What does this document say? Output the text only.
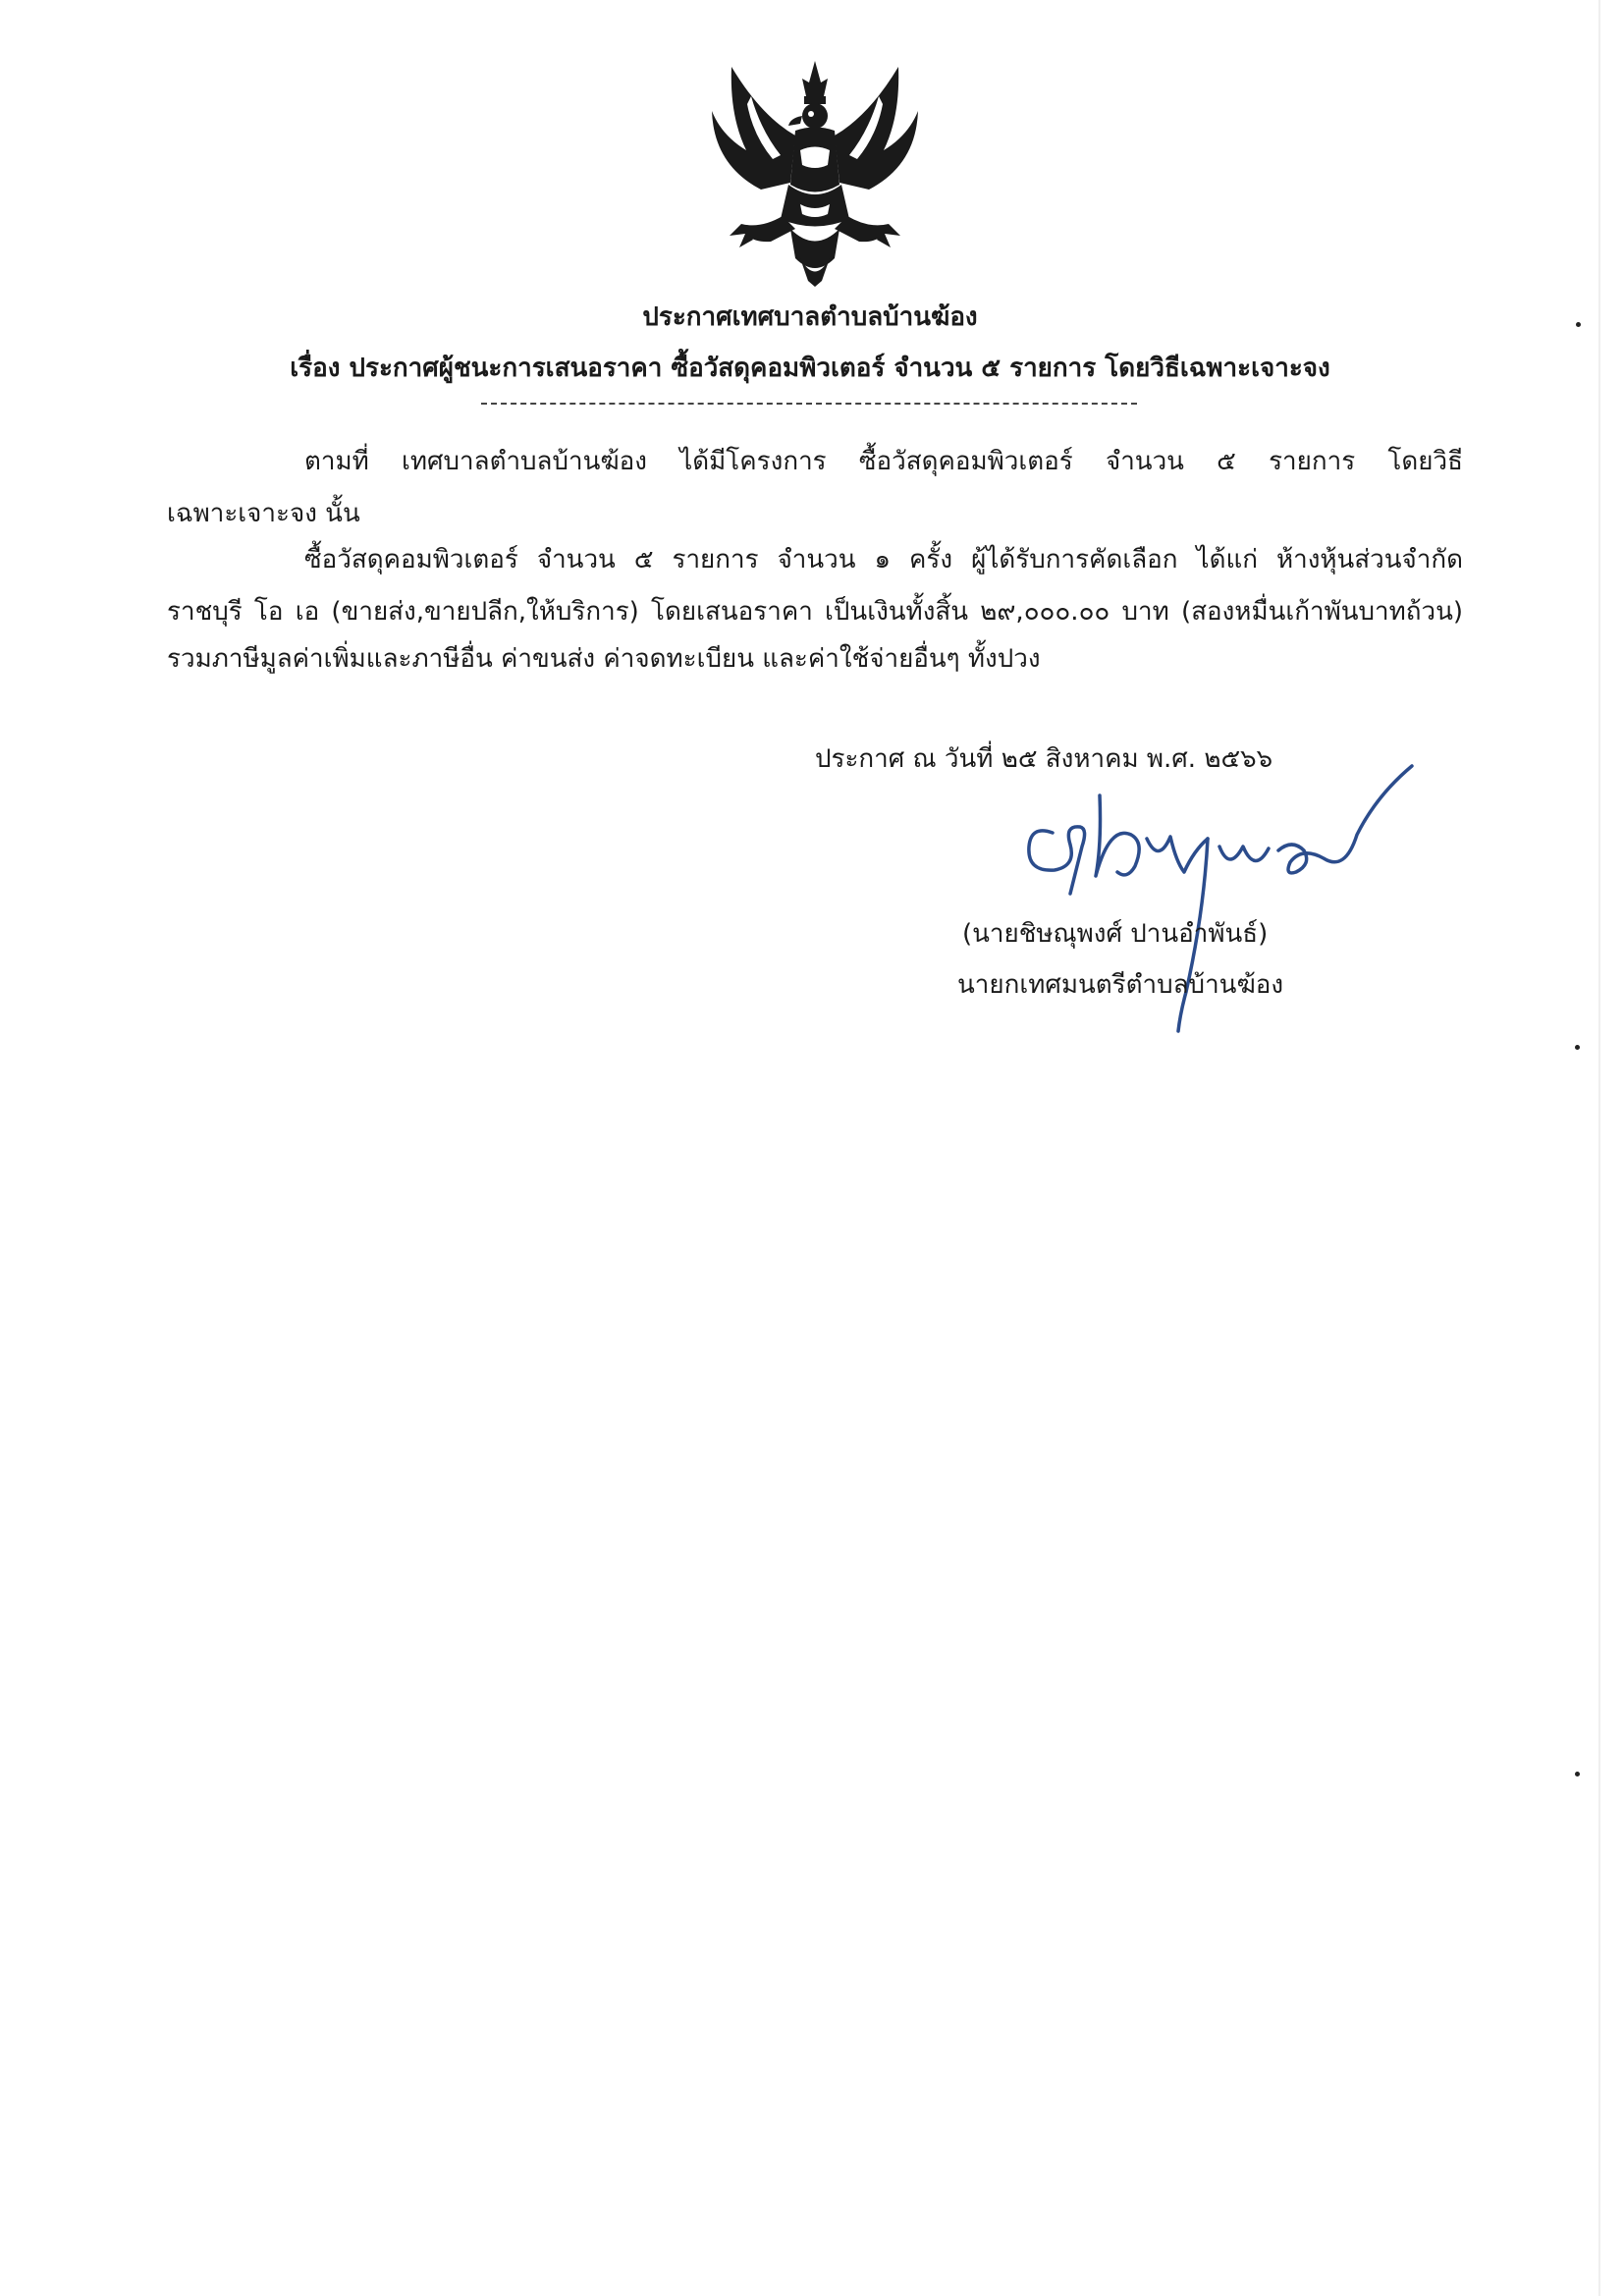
ประกาศเทศบาลตำบลบ้านฆ้อง
เรื่อง ประกาศผู้ชนะการเสนอราคา ซื้อวัสดุคอมพิวเตอร์ จำนวน ๕ รายการ โดยวิธีเฉพาะเจาะจง
ตามที่ เทศบาลตำบลบ้านฆ้อง ได้มีโครงการ ซื้อวัสดุคอมพิวเตอร์ จำนวน ๕ รายการ โดยวิธี
เฉพาะเจาะจง นั้น
ซื้อวัสดุคอมพิวเตอร์ จำนวน ๕ รายการ จำนวน ๑ ครั้ง ผู้ได้รับการคัดเลือก ได้แก่ ห้างหุ้นส่วนจำกัด
ราชบุรี โอ เอ (ขายส่ง,ขายปลีก,ให้บริการ) โดยเสนอราคา เป็นเงินทั้งสิ้น ๒๙,๐๐๐.๐๐ บาท (สองหมื่นเก้าพันบาทถ้วน)
รวมภาษีมูลค่าเพิ่มและภาษีอื่น ค่าขนส่ง ค่าจดทะเบียน และค่าใช้จ่ายอื่นๆ ทั้งปวง
ประกาศ ณ วันที่ ๒๕ สิงหาคม พ.ศ. ๒๕๖๖
(นายชิษณุพงศ์ ปานอำพันธ์)
นายกเทศมนตรีตำบลบ้านฆ้อง
